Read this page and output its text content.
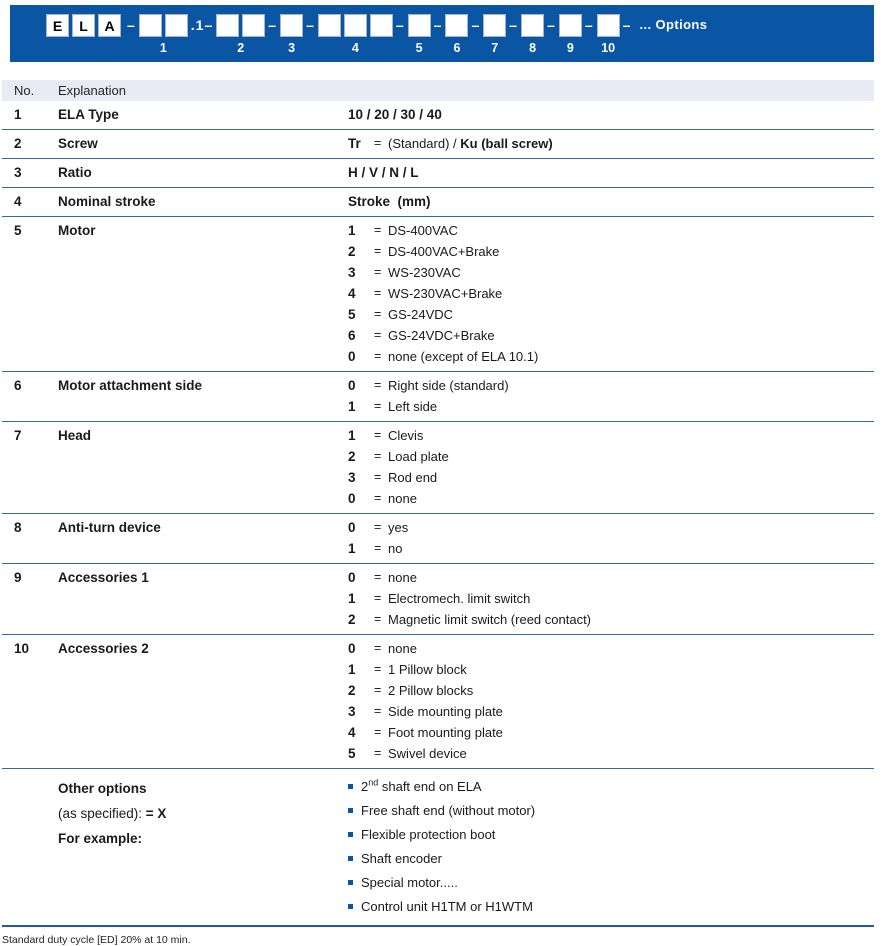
E	L	A –
1
.1–
2
–
3
–
4
–
5
–
6
–
7
–
8
–
9
–
10
– ... Options
No.	Explanation
1	ELA Type	10 / 20 / 30 / 40
2	Screw	Tr	= (Standard) / Ku (ball screw)
3	Ratio	H / V / N / L
4	Nominal stroke	Stroke  (mm)
5	Motor	1	= DS-400VAC
2	= DS-400VAC+Brake
3	= WS-230VAC
4	= WS-230VAC+Brake
5	= GS-24VDC
6	= GS-24VDC+Brake
0	= none (except of ELA 10.1)
6	Motor attachment side	0	= Right side (standard)
1	= Left side
7	Head	1	= Clevis
2	= Load plate
3	= Rod end
0	= none
8	Anti-turn device	0	= yes
1	= no
9	Accessories 1	0	= none
1	= Electromech. limit switch
2	= Magnetic limit switch (reed contact)
10	Accessories 2	0	= none
1	= 1 Pillow block
2	= 2 Pillow blocks
3	= Side mounting plate
4	= Foot mounting plate
5	= Swivel device
Other options
(as specified): = X
For example:
2nd shaft end on ELA
Free shaft end (without motor)
Flexible protection boot
Shaft encoder
Special motor.....
Control unit H1TM or H1WTM
Standard duty cycle [ED] 20% at 10 min.
